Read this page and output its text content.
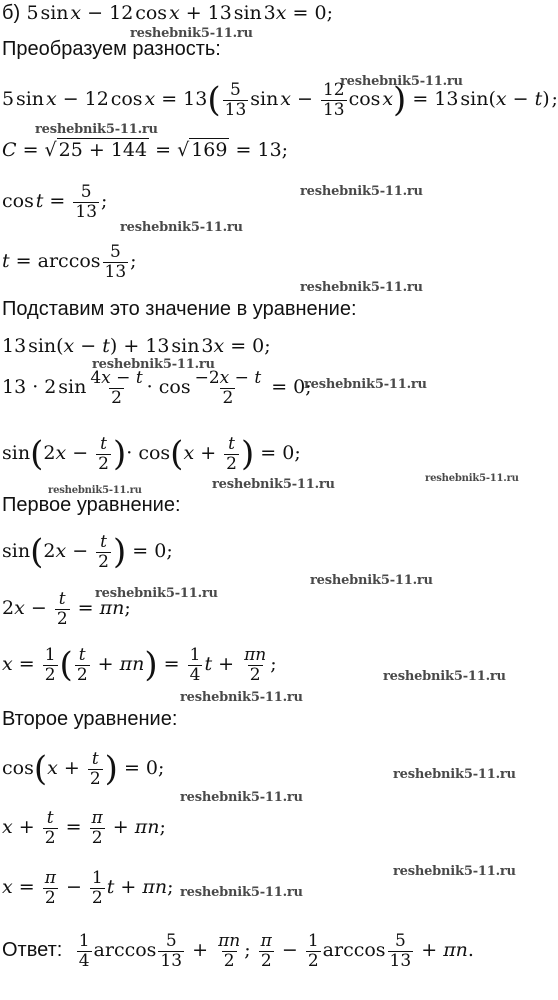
б) 5 sin x − 12 cos x + 13 sin 3x = 0;
Преобразуем разность:
5 sin x − 12 cos $x = 13( \frac{5}{13}$ sin $x - \frac{12}{13}$ cos x) = 13 sin(x − t) ;
C = √ 25 + 144 = √ 169 = 13;
cos $t = \frac{5}{13}$ ;
$t = \arccos \frac{5}{13}$ ;
Подставим это значение в уравнение:
13 sin(x − t) + 13 sin 3x = 0;
13 · 2 $\sin \frac{4x - t}{2} \cdot \cos \frac{-2x - t}{2} = 0$;
$\sin(2x - \frac{t}{2}$ )· $\cos(x + \frac{t}{2}$ ) = 0;
Первое уравнение:
$\sin(2x - \frac{t}{2}$ ) = 0;
$2x - \frac{t}{2} = \pi n$;
$x = \frac{1}{2}$ ( $\frac{t}{2} + \pi n) = \frac{1}{4}$ $t + \frac{\pi n}{2}$ ;
Второе уравнение:
$\cos(x + \frac{t}{2}$ ) = 0;
$x + \frac{t}{2} = \frac{\pi}{2} + \pi n$;
$x = \frac{\pi}{2} - \frac{1}{2}$ t + πn;
Ответ: $\frac{1}{4}$ $\arccos \frac{5}{13} + \frac{\pi n}{2}$ ; $\frac{\pi}{2} - \frac{1}{2}$ $\arccos \frac{5}{13} + \pi n$.
reshebnik5-11.ru
reshebnik5-11.ru
reshebnik5-11.ru
reshebnik5-11.ru
reshebnik5-11.ru
reshebnik5-11.ru
reshebnik5-11.ru
reshebnik5-11.ru
reshebnik5-11.ru
reshebnik5-11.ru
reshebnik5-11.ru
reshebnik5-11.ru
reshebnik5-11.ru
reshebnik5-11.ru
reshebnik5-11.ru
reshebnik5-11.ru
reshebnik5-11.ru
reshebnik5-11.ru
reshebnik5-11.ru
